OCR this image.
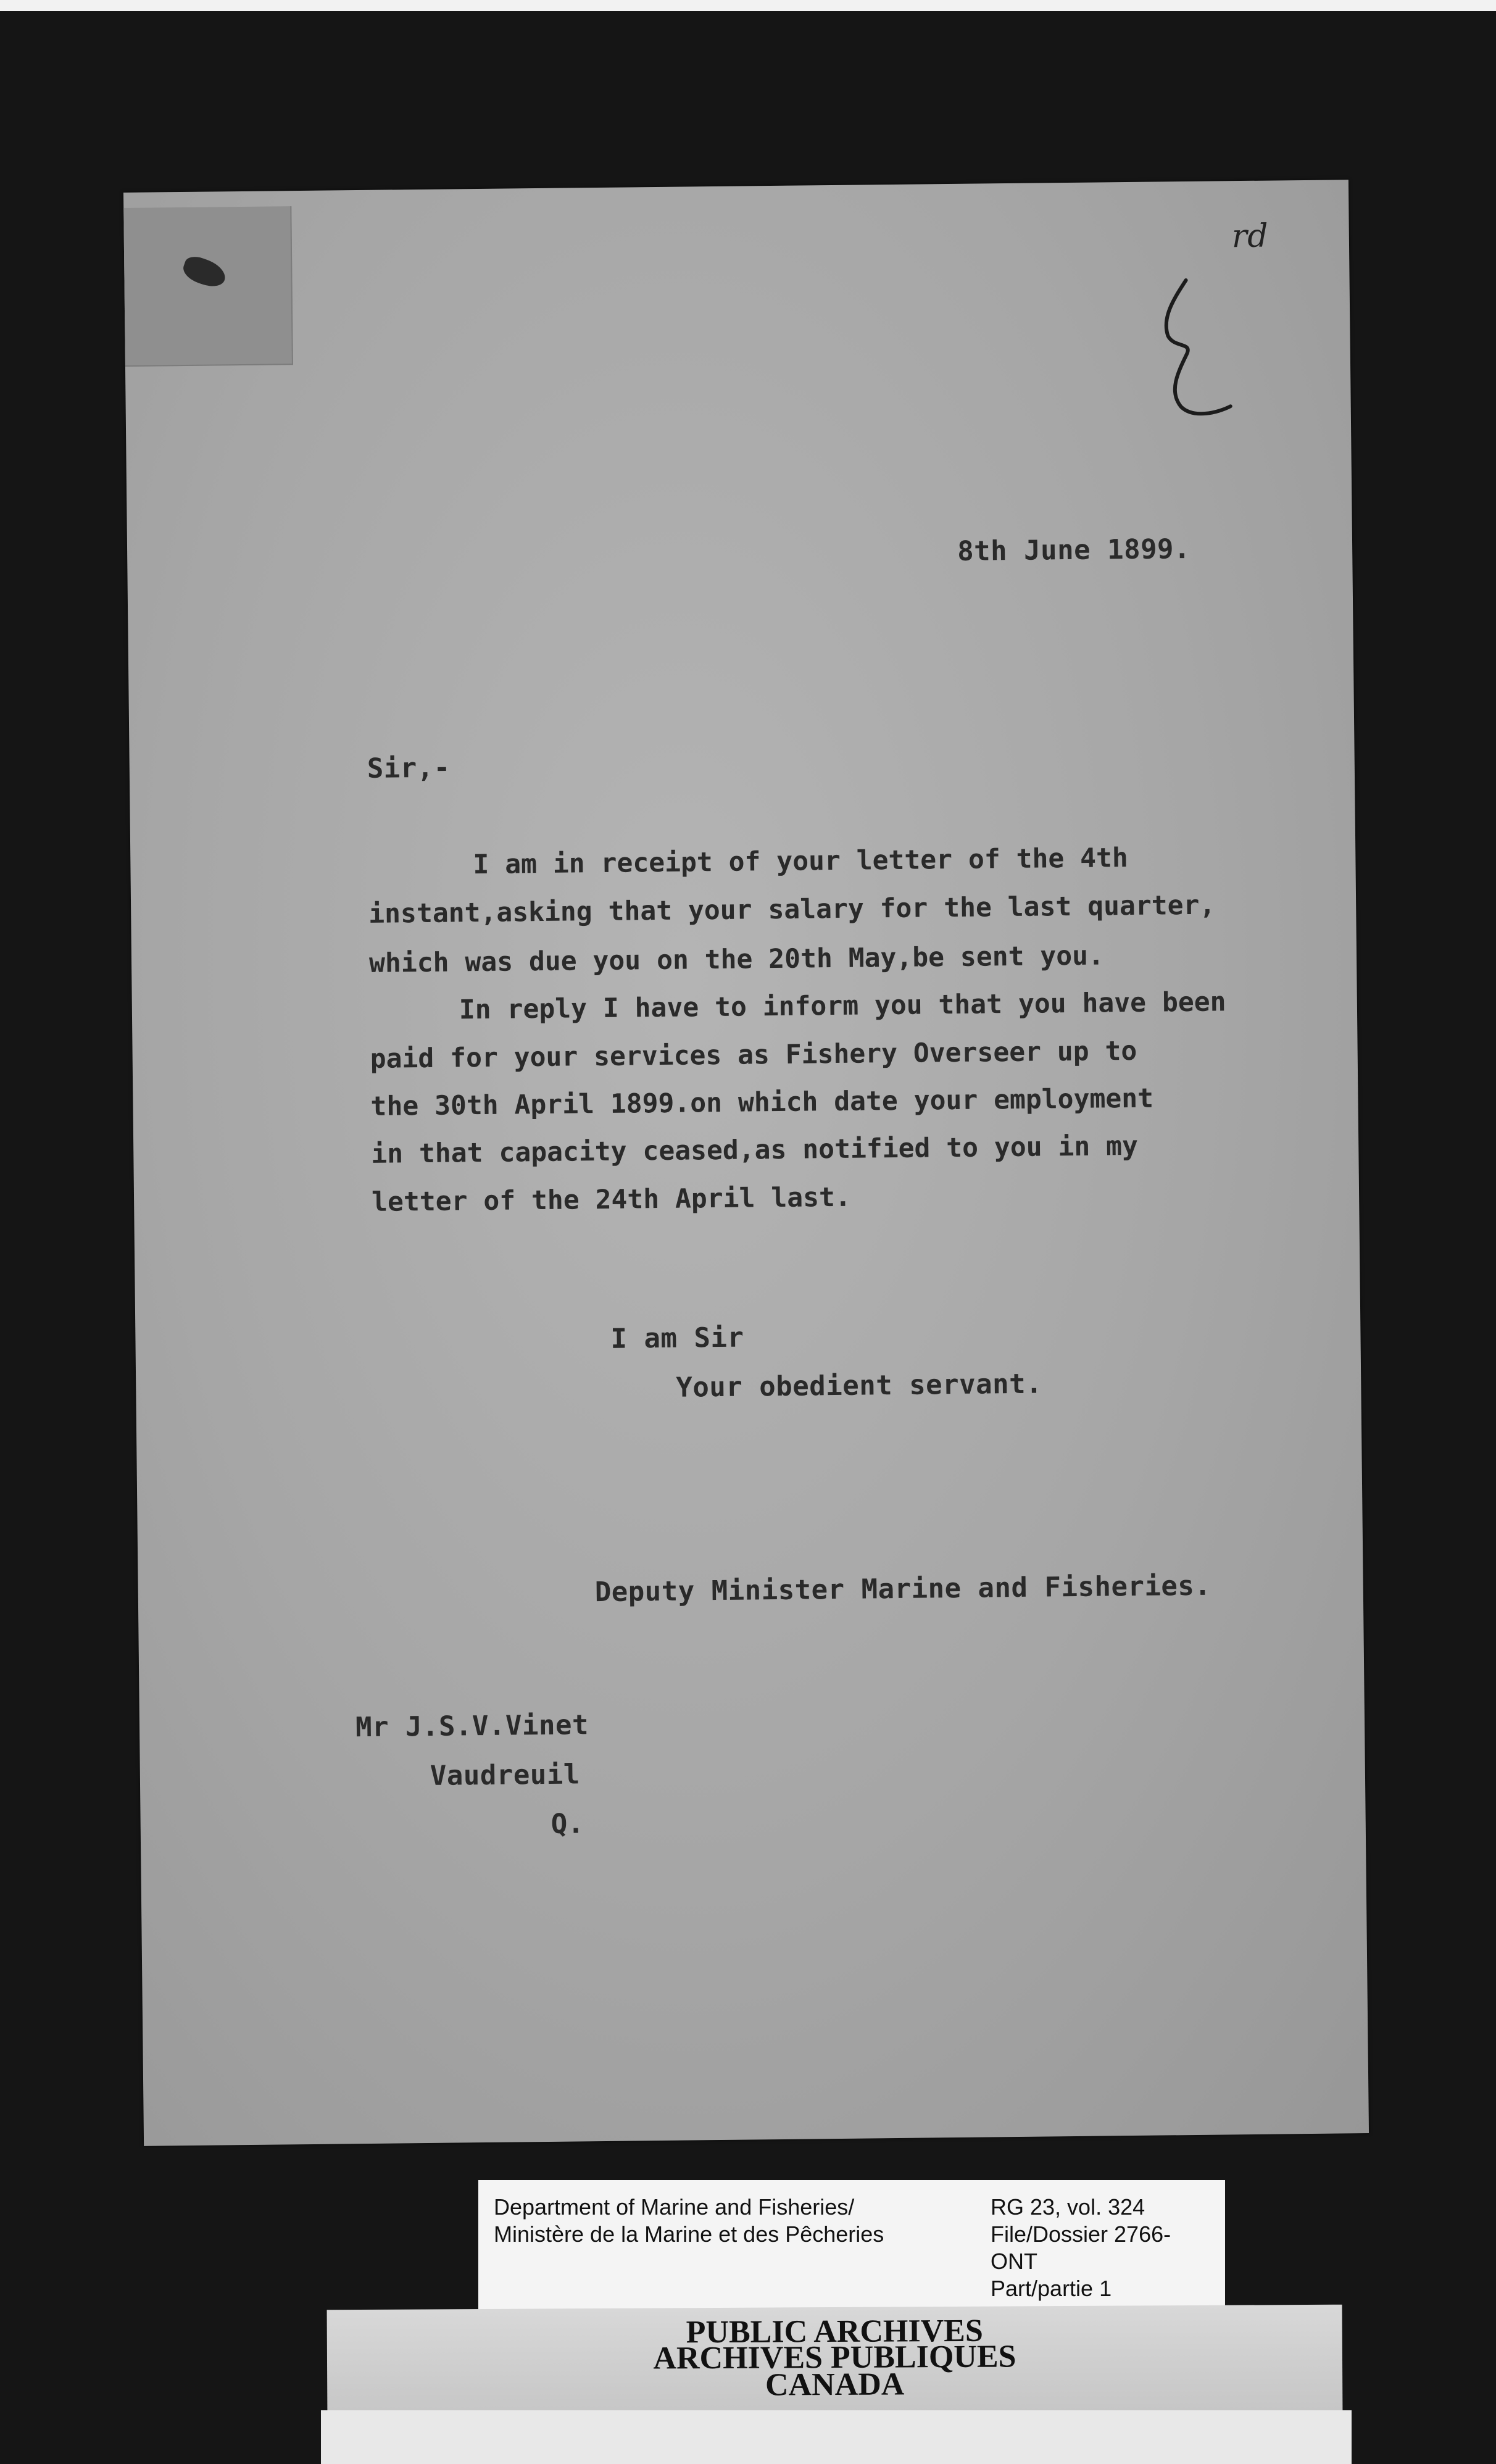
rd
8th June 1899.
Sir,-
I am in receipt of your letter of the 4th
instant,asking that your salary for the last quarter,
which was due you on the 20th May,be sent you.
In reply I have to inform you that you have been
paid for your services as Fishery Overseer up to
the 30th April 1899.on which date your employment
in that capacity ceased,as notified to you in my
letter of the 24th April last.
I am Sir
Your obedient servant.
Deputy Minister Marine and Fisheries.
Mr J.S.V.Vinet
Vaudreuil
Q.
Department of Marine and Fisheries/
Ministère de la Marine et des Pêcheries
RG 23, vol. 324
File/Dossier 2766-
ONT
Part/partie 1
PUBLIC ARCHIVES
ARCHIVES PUBLIQUES
CANADA
